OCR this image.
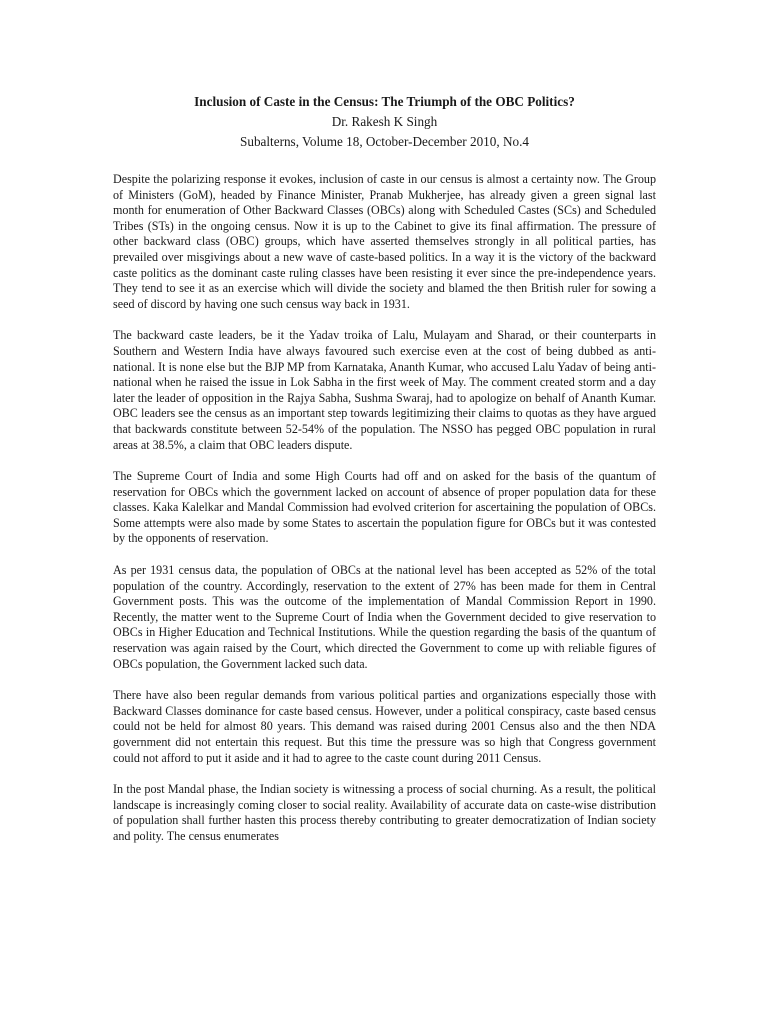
Inclusion of Caste in the Census: The Triumph of the OBC Politics?
Dr. Rakesh K Singh
Subalterns, Volume 18, October-December 2010, No.4

Despite the polarizing response it evokes, inclusion of caste in our census is almost a certainty now. The Group of Ministers (GoM), headed by Finance Minister, Pranab Mukherjee, has already given a green signal last month for enumeration of Other Backward Classes (OBCs) along with Scheduled Castes (SCs) and Scheduled Tribes (STs) in the ongoing census. Now it is up to the Cabinet to give its final affirmation. The pressure of other backward class (OBC) groups, which have asserted themselves strongly in all political parties, has prevailed over misgivings about a new wave of caste-based politics. In a way it is the victory of the backward caste politics as the dominant caste ruling classes have been resisting it ever since the pre-independence years. They tend to see it as an exercise which will divide the society and blamed the then British ruler for sowing a seed of discord by having one such census way back in 1931.

The backward caste leaders, be it the Yadav troika of Lalu, Mulayam and Sharad, or their counterparts in Southern and Western India have always favoured such exercise even at the cost of being dubbed as anti-national. It is none else but the BJP MP from Karnataka, Ananth Kumar, who accused Lalu Yadav of being anti-national when he raised the issue in Lok Sabha in the first week of May. The comment created storm and a day later the leader of opposition in the Rajya Sabha, Sushma Swaraj, had to apologize on behalf of Ananth Kumar. OBC leaders see the census as an important step towards legitimizing their claims to quotas as they have argued that backwards constitute between 52-54% of the population. The NSSO has pegged OBC population in rural areas at 38.5%, a claim that OBC leaders dispute.

The Supreme Court of India and some High Courts had off and on asked for the basis of the quantum of reservation for OBCs which the government lacked on account of absence of proper population data for these classes. Kaka Kalelkar and Mandal Commission had evolved criterion for ascertaining the population of OBCs. Some attempts were also made by some States to ascertain the population figure for OBCs but it was contested by the opponents of reservation.

As per 1931 census data, the population of OBCs at the national level has been accepted as 52% of the total population of the country. Accordingly, reservation to the extent of 27% has been made for them in Central Government posts. This was the outcome of the implementation of Mandal Commission Report in 1990. Recently, the matter went to the Supreme Court of India when the Government decided to give reservation to OBCs in Higher Education and Technical Institutions. While the question regarding the basis of the quantum of reservation was again raised by the Court, which directed the Government to come up with reliable figures of OBCs population, the Government lacked such data.

There have also been regular demands from various political parties and organizations especially those with Backward Classes dominance for caste based census. However, under a political conspiracy, caste based census could not be held for almost 80 years. This demand was raised during 2001 Census also and the then NDA government did not entertain this request. But this time the pressure was so high that Congress government could not afford to put it aside and it had to agree to the caste count during 2011 Census.

In the post Mandal phase, the Indian society is witnessing a process of social churning. As a result, the political landscape is increasingly coming closer to social reality. Availability of accurate data on caste-wise distribution of population shall further hasten this process thereby contributing to greater democratization of Indian society and polity. The census enumerates
